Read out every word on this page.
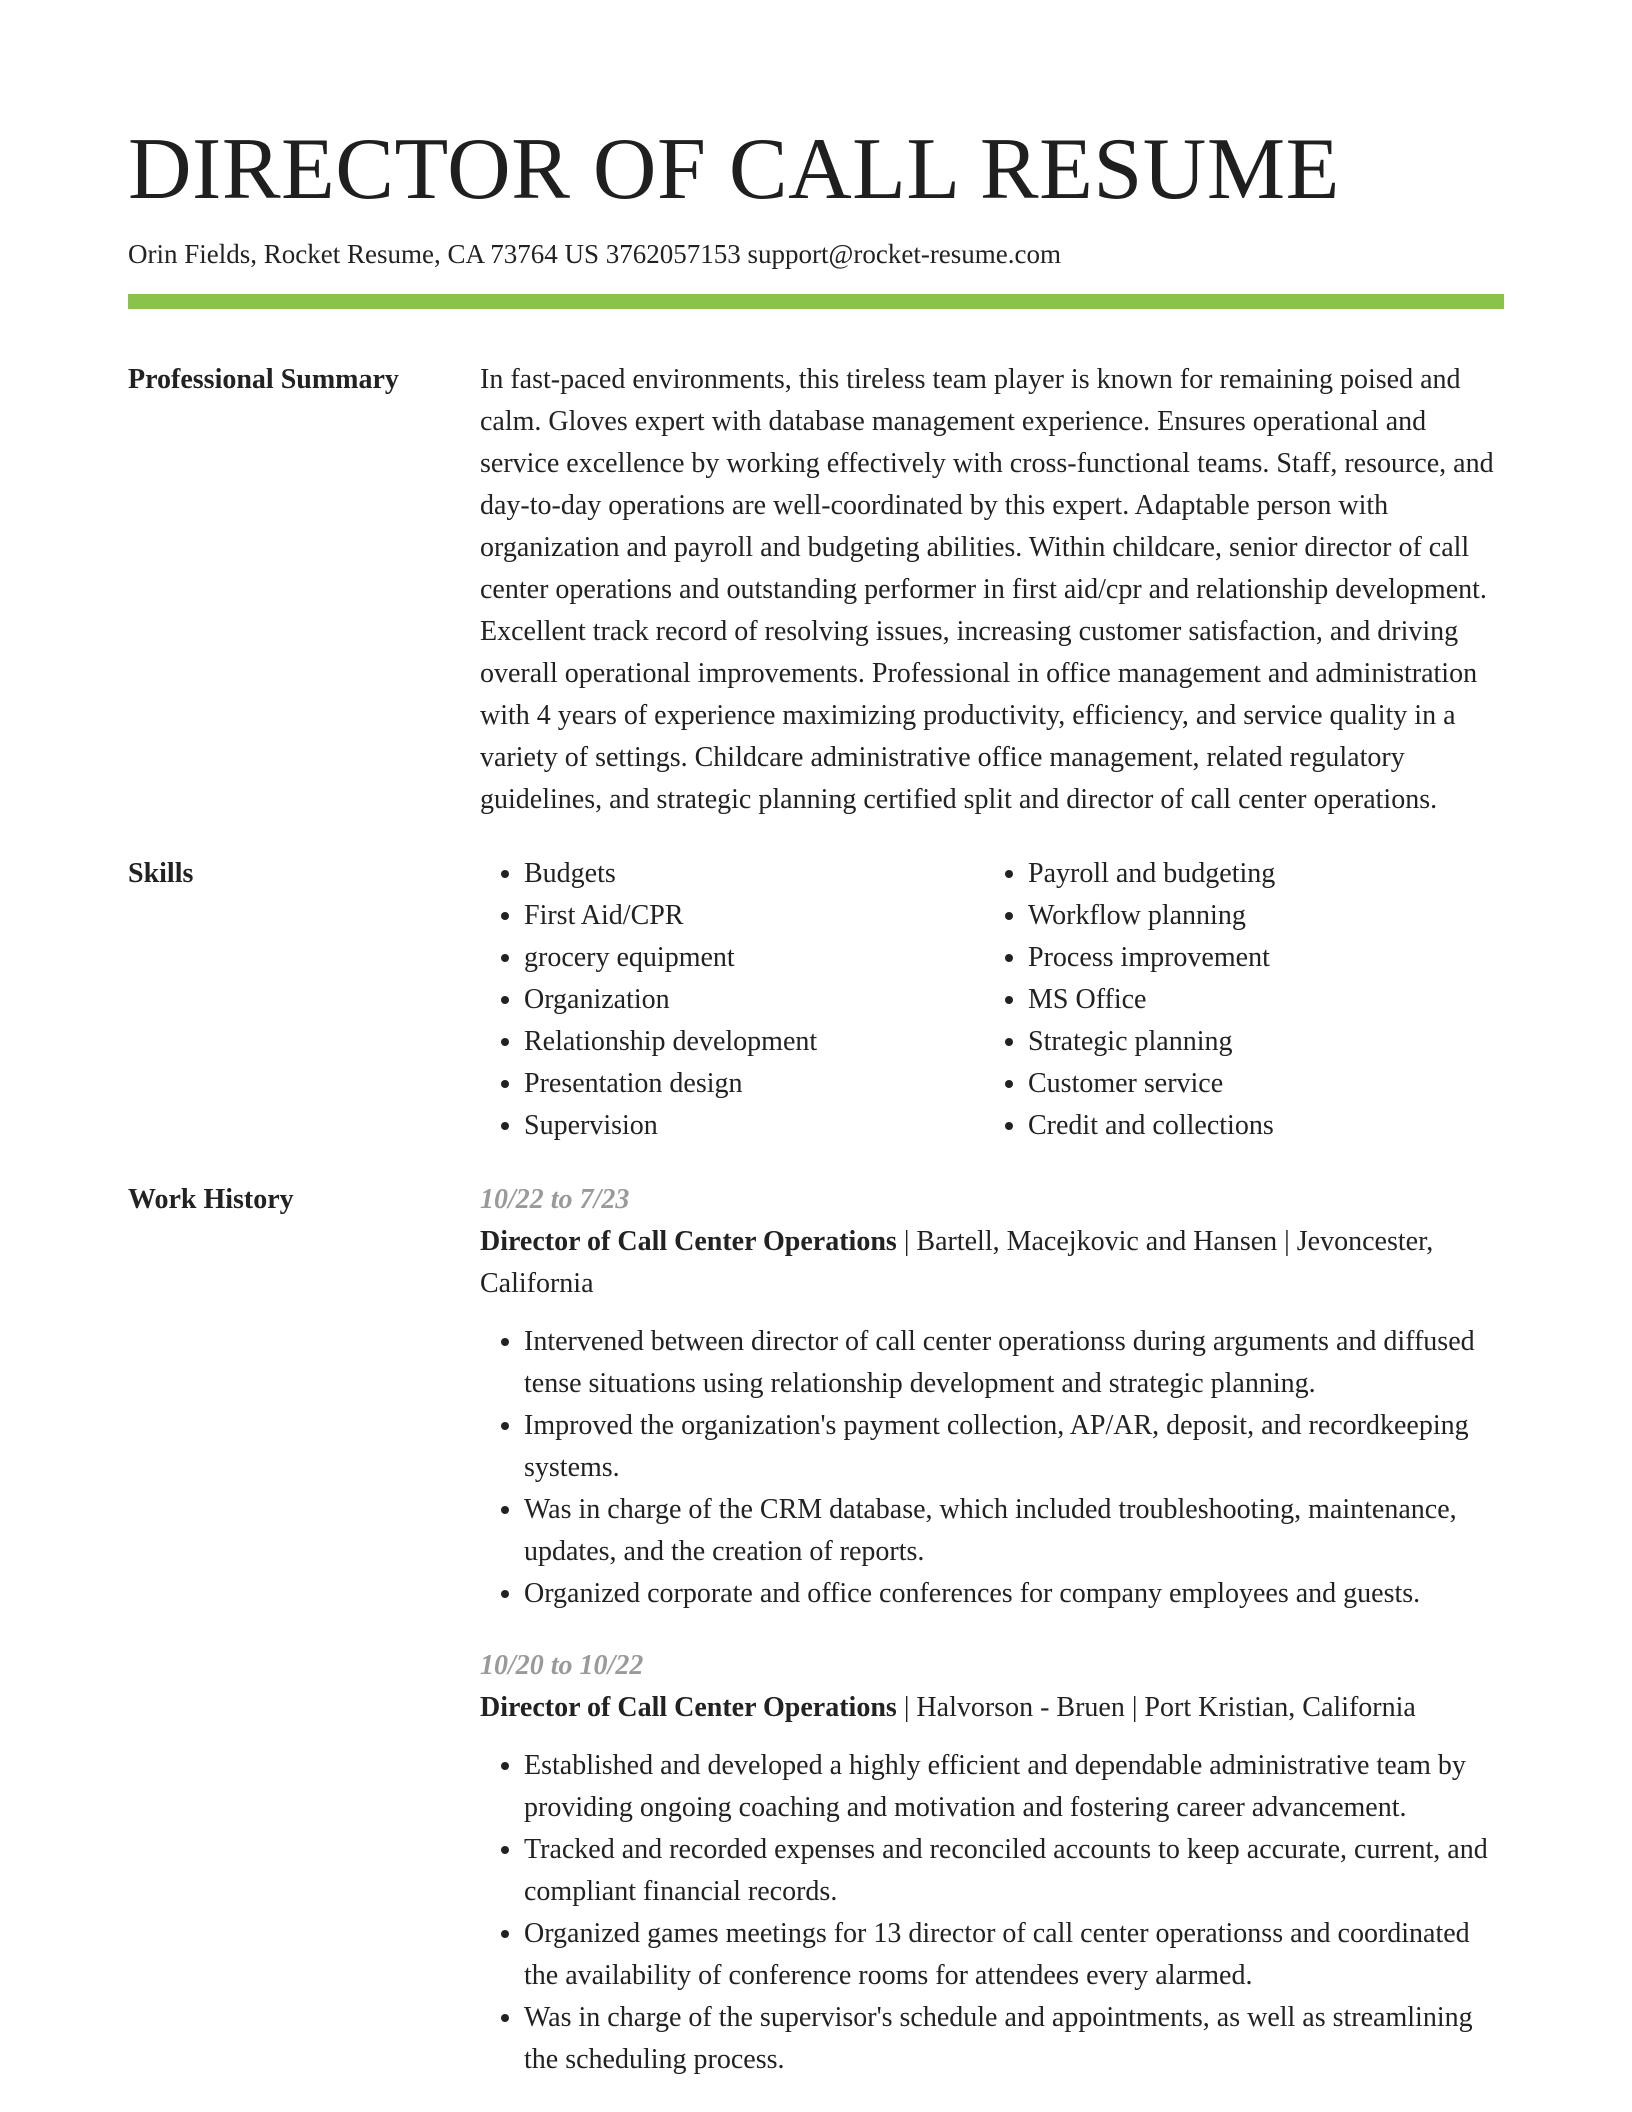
DIRECTOR OF CALL RESUME
Orin Fields, Rocket Resume, CA 73764 US 3762057153 support@rocket-resume.com
Professional Summary	In fast-paced environments, this tireless team player is known for remaining poised and calm. Gloves expert with database management experience. Ensures operational and service excellence by working effectively with cross-functional teams. Staff, resource, and day-to-day operations are well-coordinated by this expert. Adaptable person with organization and payroll and budgeting abilities. Within childcare, senior director of call center operations and outstanding performer in first aid/cpr and relationship development. Excellent track record of resolving issues, increasing customer satisfaction, and driving overall operational improvements. Professional in office management and administration with 4 years of experience maximizing productivity, efficiency, and service quality in a variety of settings. Childcare administrative office management, related regulatory guidelines, and strategic planning certified split and director of call center operations.

Skills
•	Budgets
• First Aid/CPR
• grocery equipment
• Organization
• Relationship development
• Presentation design
• Supervision
• Payroll and budgeting
• Workflow planning
• Process improvement
• MS Office
• Strategic planning
• Customer service
• Credit and collections
Work History	10/22 to 7/23
Director of Call Center Operations | Bartell, Macejkovic and Hansen | Jevoncester, California
• Intervened between director of call center operationss during arguments and diffused tense situations using relationship development and strategic planning.
• Improved the organization's payment collection, AP/AR, deposit, and recordkeeping systems.
• Was in charge of the CRM database, which included troubleshooting, maintenance, updates, and the creation of reports.
• Organized corporate and office conferences for company employees and guests.
10/20 to 10/22
Director of Call Center Operations | Halvorson - Bruen | Port Kristian, California
• Established and developed a highly efficient and dependable administrative team by providing ongoing coaching and motivation and fostering career advancement.
• Tracked and recorded expenses and reconciled accounts to keep accurate, current, and compliant financial records.
• Organized games meetings for 13 director of call center operationss and coordinated the availability of conference rooms for attendees every alarmed.
• Was in charge of the supervisor's schedule and appointments, as well as streamlining the scheduling process.
